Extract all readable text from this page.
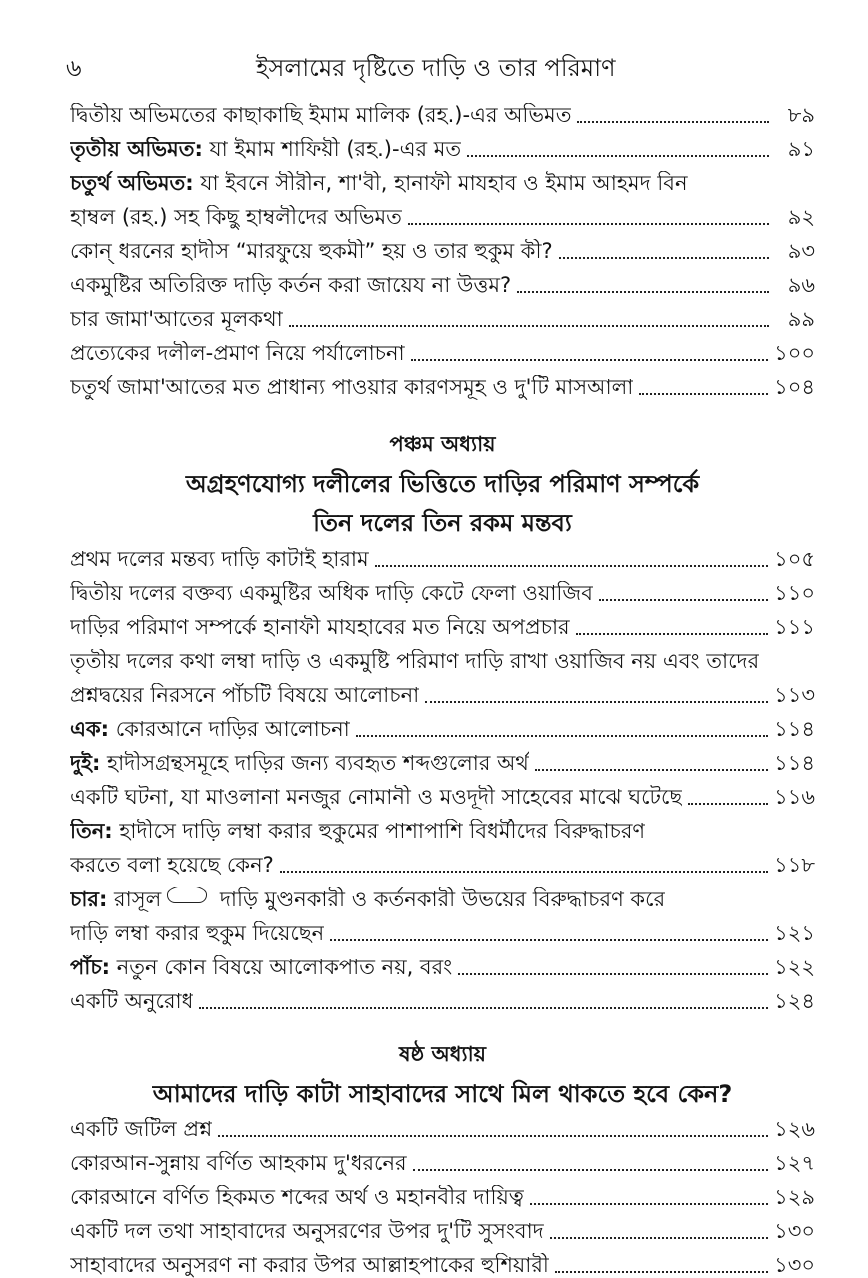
৬	ইসলামের দৃষ্টিতে দাড়ি ও তার পরিমাণ
দ্বিতীয় অভিমতের কাছাকাছি ইমাম মালিক (রহ.)-এর অভিমত	৮৯
তৃতীয় অভিমত: যা ইমাম শাফিয়ী (রহ.)-এর মত	৯১
চতুর্থ অভিমত: যা ইবনে সীরীন, শা'বী, হানাফী মাযহাব ও ইমাম আহমদ বিন
হাম্বল (রহ.) সহ কিছু হাম্বলীদের অভিমত	৯২
কোন্ ধরনের হাদীস “মারফুয়ে হুকমী” হয় ও তার হুকুম কী?	৯৩
একমুষ্টির অতিরিক্ত দাড়ি কর্তন করা জায়েয না উত্তম?	৯৬
চার জামা'আতের মূলকথা	৯৯
প্রত্যেকের দলীল-প্রমাণ নিয়ে পর্যালোচনা	১০০
চতুর্থ জামা'আতের মত প্রাধান্য পাওয়ার কারণসমূহ ও দু'টি মাসআলা	১০৪
পঞ্চম অধ্যায়
অগ্রহণযোগ্য দলীলের ভিত্তিতে দাড়ির পরিমাণ সম্পর্কে
তিন দলের তিন রকম মন্তব্য
প্রথম দলের মন্তব্য দাড়ি কাটাই হারাম	১০৫
দ্বিতীয় দলের বক্তব্য একমুষ্টির অধিক দাড়ি কেটে ফেলা ওয়াজিব	১১০
দাড়ির পরিমাণ সম্পর্কে হানাফী মাযহাবের মত নিয়ে অপপ্রচার	১১১
তৃতীয় দলের কথা লম্বা দাড়ি ও একমুষ্টি পরিমাণ দাড়ি রাখা ওয়াজিব নয় এবং তাদের
প্রশ্নদ্বয়ের নিরসনে পাঁচটি বিষয়ে আলোচনা	১১৩
এক: কোরআনে দাড়ির আলোচনা	১১৪
দুই: হাদীসগ্রন্থসমূহে দাড়ির জন্য ব্যবহৃত শব্দগুলোর অর্থ	১১৪
একটি ঘটনা, যা মাওলানা মনজুর নোমানী ও মওদূদী সাহেবের মাঝে ঘটেছে	১১৬
তিন: হাদীসে দাড়ি লম্বা করার হুকুমের পাশাপাশি বিধর্মীদের বিরুদ্ধাচরণ
করতে বলা হয়েছে কেন?	১১৮
চার: রাসূল দাড়ি মুণ্ডনকারী ও কর্তনকারী উভয়ের বিরুদ্ধাচরণ করে
দাড়ি লম্বা করার হুকুম দিয়েছেন	১২১
পাঁচ: নতুন কোন বিষয়ে আলোকপাত নয়, বরং	১২২
একটি অনুরোধ	১২৪
ষষ্ঠ অধ্যায়
আমাদের দাড়ি কাটা সাহাবাদের সাথে মিল থাকতে হবে কেন?
একটি জটিল প্রশ্ন	১২৬
কোরআন-সুন্নায় বর্ণিত আহকাম দু'ধরনের	১২৭
কোরআনে বর্ণিত হিকমত শব্দের অর্থ ও মহানবীর দায়িত্ব	১২৯
একটি দল তথা সাহাবাদের অনুসরণের উপর দু'টি সুসংবাদ	১৩০
সাহাবাদের অনুসরণ না করার উপর আল্লাহপাকের হুশিয়ারী	১৩০
